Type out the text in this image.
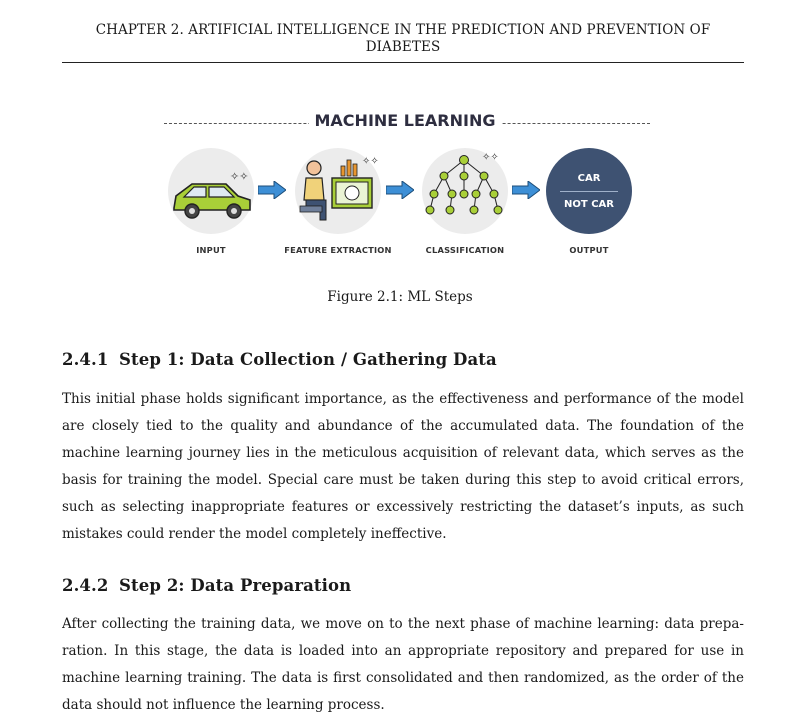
CHAPTER 2. ARTIFICIAL INTELLIGENCE IN THE PREDICTION AND PREVENTION OF DIABETES
MACHINE LEARNING
✧✧
INPUT
✧✧
FEATURE EXTRACTION
✧✧
CLASSIFICATION
CAR
NOT CAR
OUTPUT
Figure 2.1: ML Steps
2.4.1 Step 1: Data Collection / Gathering Data
This initial phase holds significant importance, as the effectiveness and performance of the model
are closely tied to the quality and abundance of the accumulated data. The foundation of the
machine learning journey lies in the meticulous acquisition of relevant data, which serves as the
basis for training the model. Special care must be taken during this step to avoid critical errors,
such as selecting inappropriate features or excessively restricting the dataset’s inputs, as such
mistakes could render the model completely ineffective.
2.4.2 Step 2: Data Preparation
After collecting the training data, we move on to the next phase of machine learning: data prepa-
ration. In this stage, the data is loaded into an appropriate repository and prepared for use in
machine learning training. The data is first consolidated and then randomized, as the order of the
data should not influence the learning process.
